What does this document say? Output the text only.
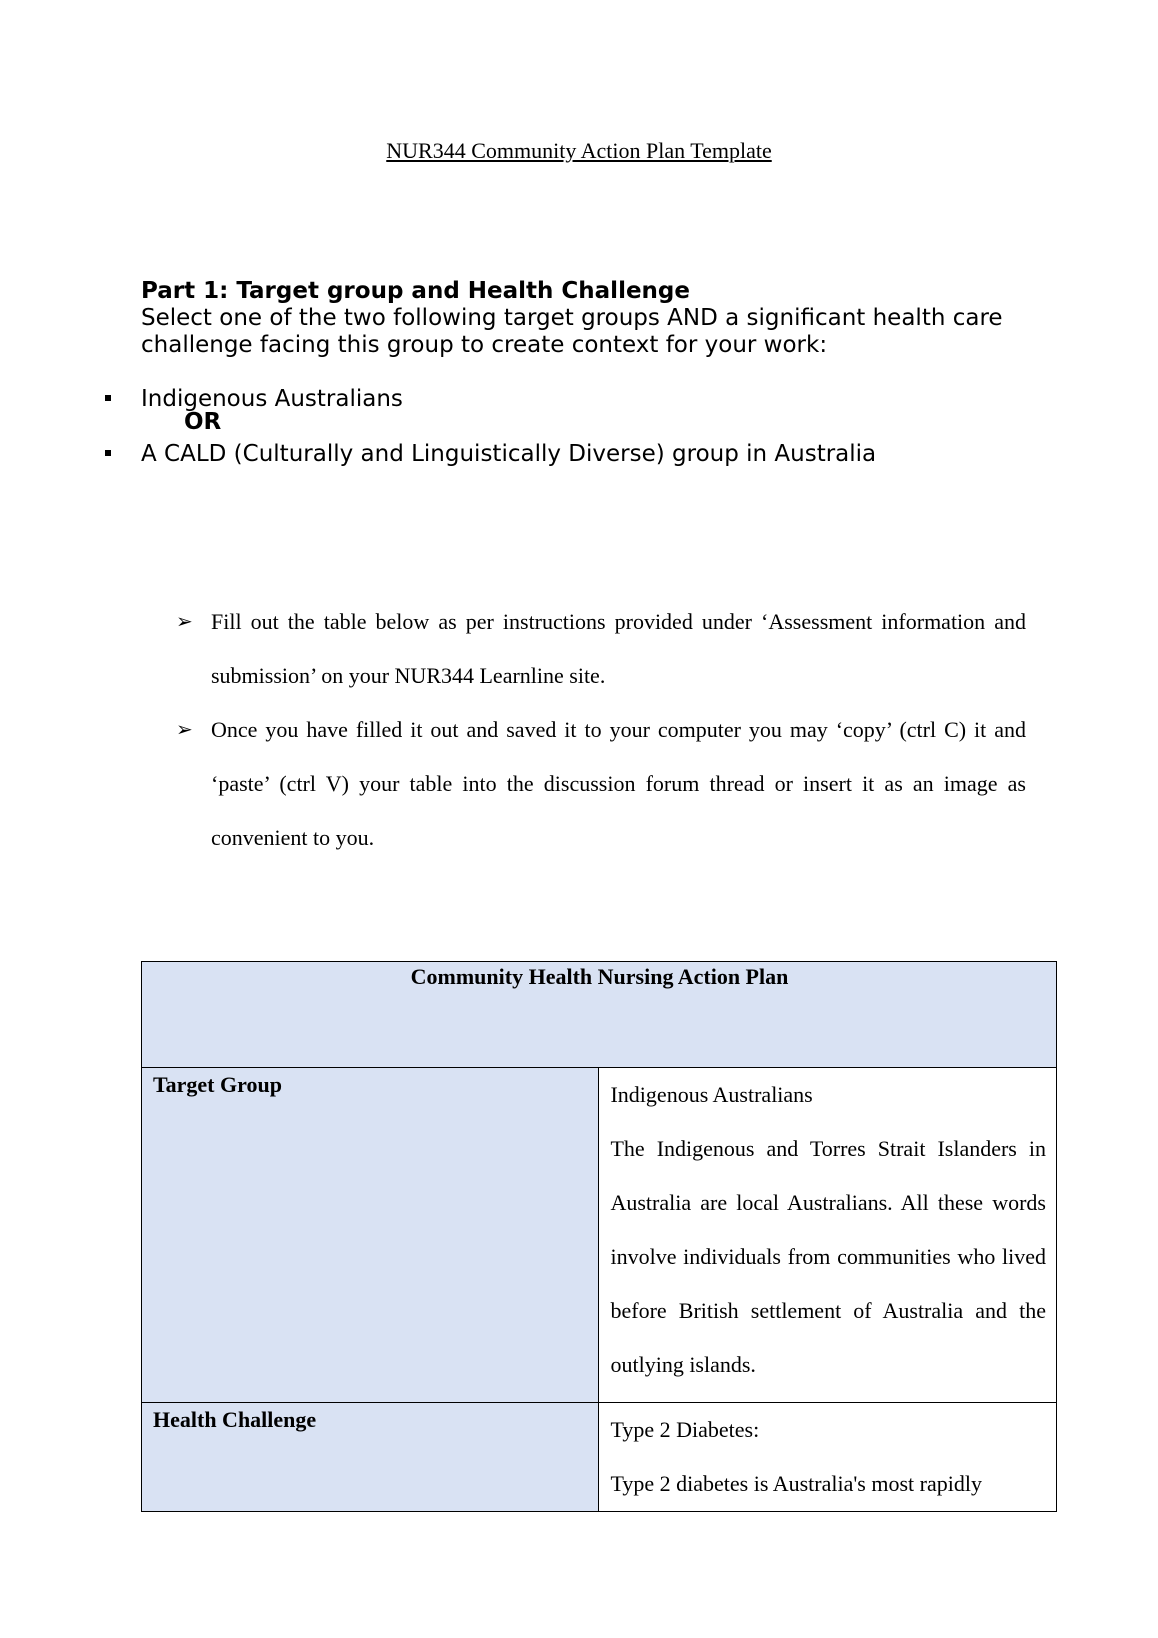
NUR344 Community Action Plan Template
Part 1: Target group and Health Challenge
Select one of the two following target groups AND a significant health care challenge facing this group to create context for your work:
Indigenous Australians
OR
A CALD (Culturally and Linguistically Diverse) group in Australia
➢ Fill out the table below as per instructions provided under ‘Assessment information and submission’ on your NUR344 Learnline site.
➢ Once you have filled it out and saved it to your computer you may ‘copy’ (ctrl C) it and ‘paste’ (ctrl V) your table into the discussion forum thread or insert it as an image as convenient to you.
Community Health Nursing Action Plan	
Target Group	Indigenous Australians

The Indigenous and Torres Strait Islanders in Australia are local Australians. All these words involve individuals from communities who lived before British settlement of Australia and the outlying islands.

Health Challenge	Type 2 Diabetes:

Type 2 diabetes is Australia's most rapidly
